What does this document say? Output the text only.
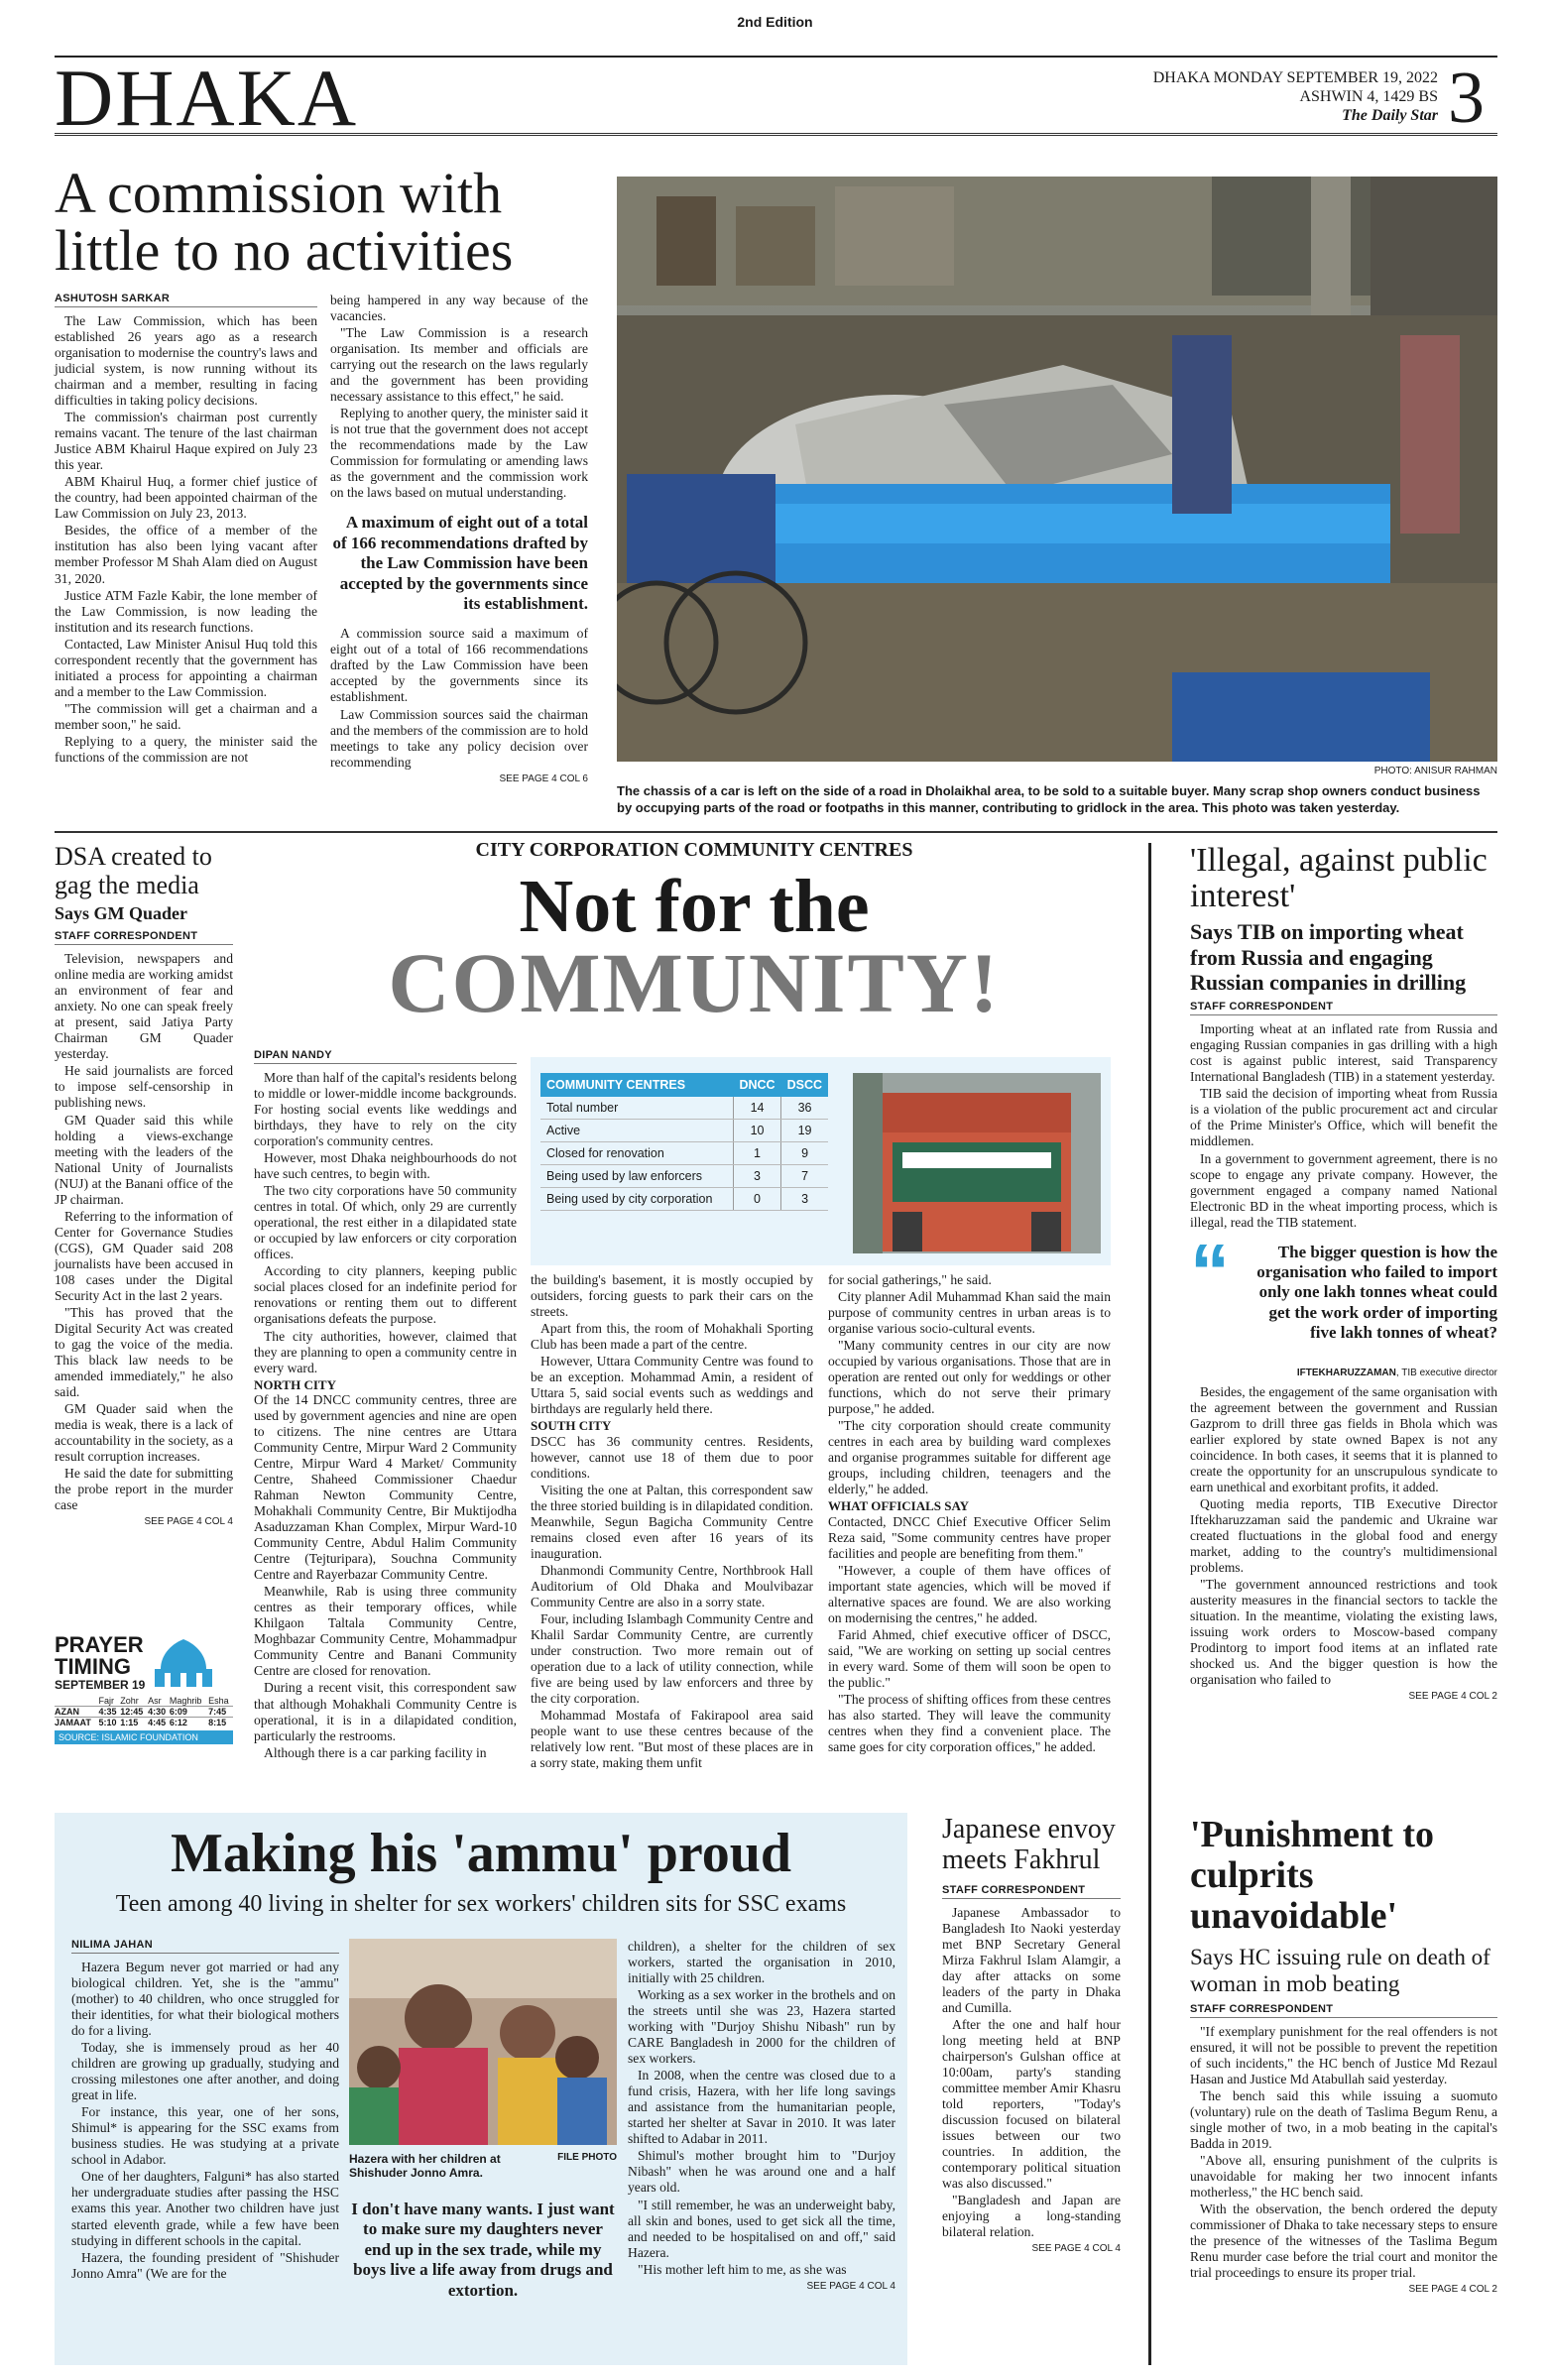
2nd Edition
DHAKA	DHAKA MONDAY SEPTEMBER 19, 2022
ASHWIN 4, 1429 BS
The Daily Star 3
A commission with little to no activities
ASHUTOSH SARKAR

The Law Commission, which has been established 26 years ago as a research organisation to modernise the country's laws and judicial system, is now running without its chairman and a member, resulting in facing difficulties in taking policy decisions.

The commission's chairman post currently remains vacant. The tenure of the last chairman Justice ABM Khairul Haque expired on July 23 this year.

ABM Khairul Huq, a former chief justice of the country, had been appointed chairman of the Law Commission on July 23, 2013.

Besides, the office of a member of the institution has also been lying vacant after member Professor M Shah Alam died on August 31, 2020.

Justice ATM Fazle Kabir, the lone member of the Law Commission, is now leading the institution and its research functions.

Contacted, Law Minister Anisul Huq told this correspondent recently that the government has initiated a process for appointing a chairman and a member to the Law Commission.

"The commission will get a chairman and a member soon," he said.

Replying to a query, the minister said the functions of the commission are not

being hampered in any way because of the vacancies.

"The Law Commission is a research organisation. Its member and officials are carrying out the research on the laws regularly and the government has been providing necessary assistance to this effect," he said.

Replying to another query, the minister said it is not true that the government does not accept the recommendations made by the Law Commission for formulating or amending laws as the government and the commission work on the laws based on mutual understanding.

A maximum of eight out of a total of 166 recommendations drafted by the Law Commission have been accepted by the governments since its establishment.

A commission source said a maximum of eight out of a total of 166 recommendations drafted by the Law Commission have been accepted by the governments since its establishment.

Law Commission sources said the chairman and the members of the commission are to hold meetings to take any policy decision over recommending

SEE PAGE 4 COL 6
PHOTO: ANISUR RAHMAN
The chassis of a car is left on the side of a road in Dholaikhal area, to be sold to a suitable buyer. Many scrap shop owners conduct business by occupying parts of the road or footpaths in this manner, contributing to gridlock in the area. This photo was taken yesterday.
DSA created to gag the media
Says GM Quader
STAFF CORRESPONDENT

Television, newspapers and online media are working amidst an environment of fear and anxiety. No one can speak freely at present, said Jatiya Party Chairman GM Quader yesterday.

He said journalists are forced to impose self-censorship in publishing news.

GM Quader said this while holding a views-exchange meeting with the leaders of the National Unity of Journalists (NUJ) at the Banani office of the JP chairman.

Referring to the information of Center for Governance Studies (CGS), GM Quader said 208 journalists have been accused in 108 cases under the Digital Security Act in the last 2 years.

"This has proved that the Digital Security Act was created to gag the voice of the media. This black law needs to be amended immediately," he also said.

GM Quader said when the media is weak, there is a lack of accountability in the society, as a result corruption increases.

He said the date for submitting the probe report in the murder case

SEE PAGE 4 COL 4
PRAYER
TIMING
SEPTEMBER 19
	Fajr	Zohr	Asr	Maghrib	Esha
AZAN	4:35	12:45	4:30	6:09	7:45
JAMAAT	5:10	1:15	4:45	6:12	8:15
SOURCE: ISLAMIC FOUNDATION
CITY CORPORATION COMMUNITY CENTRES
Not for the
COMMUNITY!
DIPAN NANDY

More than half of the capital's residents belong to middle or lower-middle income backgrounds. For hosting social events like weddings and birthdays, they have to rely on the city corporation's community centres.

However, most Dhaka neighbourhoods do not have such centres, to begin with.

The two city corporations have 50 community centres in total. Of which, only 29 are currently operational, the rest either in a dilapidated state or occupied by law enforcers or city corporation offices.

According to city planners, keeping public social places closed for an indefinite period for renovations or renting them out to different organisations defeats the purpose.

The city authorities, however, claimed that they are planning to open a community centre in every ward.

NORTH CITY

Of the 14 DNCC community centres, three are used by government agencies and nine are open to citizens. The nine centres are Uttara Community Centre, Mirpur Ward 2 Community Centre, Mirpur Ward 4 Market/ Community Centre, Shaheed Commissioner Chaedur Rahman Newton Community Centre, Mohakhali Community Centre, Bir Muktijodha Asaduzzaman Khan Complex, Mirpur Ward-10 Community Centre, Abdul Halim Community Centre (Tejturipara), Souchna Community Centre and Rayerbazar Community Centre.

Meanwhile, Rab is using three community centres as their temporary offices, while Khilgaon Taltala Community Centre, Moghbazar Community Centre, Mohammadpur Community Centre and Banani Community Centre are closed for renovation.

During a recent visit, this correspondent saw that although Mohakhali Community Centre is operational, it is in a dilapidated condition, particularly the restrooms.

Although there is a car parking facility in

COMMUNITY CENTRES	DNCC	DSCC
Total number	14	36
Active	10	19
Closed for renovation	1	9
Being used by law enforcers	3	7
Being used by city corporation	0	3

the building's basement, it is mostly occupied by outsiders, forcing guests to park their cars on the streets.

Apart from this, the room of Mohakhali Sporting Club has been made a part of the centre.

However, Uttara Community Centre was found to be an exception. Mohammad Amin, a resident of Uttara 5, said social events such as weddings and birthdays are regularly held there.

SOUTH CITY

DSCC has 36 community centres. Residents, however, cannot use 18 of them due to poor conditions.

Visiting the one at Paltan, this correspondent saw the three storied building is in dilapidated condition. Meanwhile, Segun Bagicha Community Centre remains closed even after 16 years of its inauguration.

Dhanmondi Community Centre, Northbrook Hall Auditorium of Old Dhaka and Moulvibazar Community Centre are also in a sorry state.

Four, including Islambagh Community Centre and Khalil Sardar Community Centre, are currently under construction. Two more remain out of operation due to a lack of utility connection, while five are being used by law enforcers and three by the city corporation.

Mohammad Mostafa of Fakirapool area said people want to use these centres because of the relatively low rent. "But most of these places are in a sorry state, making them unfit

for social gatherings," he said.

City planner Adil Muhammad Khan said the main purpose of community centres in urban areas is to organise various socio-cultural events.

"Many community centres in our city are now occupied by various organisations. Those that are in operation are rented out only for weddings or other functions, which do not serve their primary purpose," he added.

"The city corporation should create community centres in each area by building ward complexes and organise programmes suitable for different age groups, including children, teenagers and the elderly," he added.

WHAT OFFICIALS SAY

Contacted, DNCC Chief Executive Officer Selim Reza said, "Some community centres have proper facilities and people are benefiting from them."

"However, a couple of them have offices of important state agencies, which will be moved if alternative spaces are found. We are also working on modernising the centres," he added.

Farid Ahmed, chief executive officer of DSCC, said, "We are working on setting up social centres in every ward. Some of them will soon be open to the public."

"The process of shifting offices from these centres has also started. They will leave the community centres when they find a convenient place. The same goes for city corporation offices," he added.

'Illegal, against public interest'
Says TIB on importing wheat from Russia and engaging Russian companies in drilling
STAFF CORRESPONDENT

Importing wheat at an inflated rate from Russia and engaging Russian companies in gas drilling with a high cost is against public interest, said Transparency International Bangladesh (TIB) in a statement yesterday.

TIB said the decision of importing wheat from Russia is a violation of the public procurement act and circular of the Prime Minister's Office, which will benefit the middlemen.

In a government to government agreement, there is no scope to engage any private company. However, the government engaged a company named National Electronic BD in the wheat importing process, which is illegal, read the TIB statement.

“	The bigger question is how the organisation who failed to import only one lakh tonnes wheat could get the work order of importing five lakh tonnes of wheat?
IFTEKHARUZZAMAN, TIB executive director

Besides, the engagement of the same organisation with the agreement between the government and Russian Gazprom to drill three gas fields in Bhola which was earlier explored by state owned Bapex is not any coincidence. In both cases, it seems that it is planned to create the opportunity for an unscrupulous syndicate to earn unethical and exorbitant profits, it added.

Quoting media reports, TIB Executive Director Iftekharuzzaman said the pandemic and Ukraine war created fluctuations in the global food and energy market, adding to the country's multidimensional problems.

"The government announced restrictions and took austerity measures in the financial sectors to tackle the situation. In the meantime, violating the existing laws, issuing work orders to Moscow-based company Prodintorg to import food items at an inflated rate shocked us. And the bigger question is how the organisation who failed to

SEE PAGE 4 COL 2
Making his 'ammu' proud
Teen among 40 living in shelter for sex workers' children sits for SSC exams
NILIMA JAHAN

Hazera Begum never got married or had any biological children. Yet, she is the "ammu" (mother) to 40 children, who once struggled for their identities, for what their biological mothers do for a living.

Today, she is immensely proud as her 40 children are growing up gradually, studying and crossing milestones one after another, and doing great in life.

For instance, this year, one of her sons, Shimul* is appearing for the SSC exams from business studies. He was studying at a private school in Adabor.

One of her daughters, Falguni* has also started her undergraduate studies after passing the HSC exams this year. Another two children have just started eleventh grade, while a few have been studying in different schools in the capital.

Hazera, the founding president of "Shishuder Jonno Amra" (We are for the

Hazera with her children at Shishuder Jonno Amra.
FILE PHOTO
I don't have many wants. I just want to make sure my daughters never end up in the sex trade, while my boys live a life away from drugs and extortion.

children), a shelter for the children of sex workers, started the organisation in 2010, initially with 25 children.

Working as a sex worker in the brothels and on the streets until she was 23, Hazera started working with "Durjoy Shishu Nibash" run by CARE Bangladesh in 2000 for the children of sex workers.

In 2008, when the centre was closed due to a fund crisis, Hazera, with her life long savings and assistance from the humanitarian people, started her shelter at Savar in 2010. It was later shifted to Adabar in 2011.

Shimul's mother brought him to "Durjoy Nibash" when he was around one and a half years old.

"I still remember, he was an underweight baby, all skin and bones, used to get sick all the time, and needed to be hospitalised on and off," said Hazera.

"His mother left him to me, as she was

SEE PAGE 4 COL 4
Japanese envoy meets Fakhrul
STAFF CORRESPONDENT

Japanese Ambassador to Bangladesh Ito Naoki yesterday met BNP Secretary General Mirza Fakhrul Islam Alamgir, a day after attacks on some leaders of the party in Dhaka and Cumilla.

After the one and half hour long meeting held at BNP chairperson's Gulshan office at 10:00am, party's standing committee member Amir Khasru told reporters, "Today's discussion focused on bilateral issues between our two countries. In addition, the contemporary political situation was also discussed."

"Bangladesh and Japan are enjoying a long-standing bilateral relation.

SEE PAGE 4 COL 4
'Punishment to culprits unavoidable'
Says HC issuing rule on death of woman in mob beating
STAFF CORRESPONDENT

"If exemplary punishment for the real offenders is not ensured, it will not be possible to prevent the repetition of such incidents," the HC bench of Justice Md Rezaul Hasan and Justice Md Atabullah said yesterday.

The bench said this while issuing a suomuto (voluntary) rule on the death of Taslima Begum Renu, a single mother of two, in a mob beating in the capital's Badda in 2019.

"Above all, ensuring punishment of the culprits is unavoidable for making her two innocent infants motherless," the HC bench said.

With the observation, the bench ordered the deputy commissioner of Dhaka to take necessary steps to ensure the presence of the witnesses of the Taslima Begum Renu murder case before the trial court and monitor the trial proceedings to ensure its proper trial.

SEE PAGE 4 COL 2
